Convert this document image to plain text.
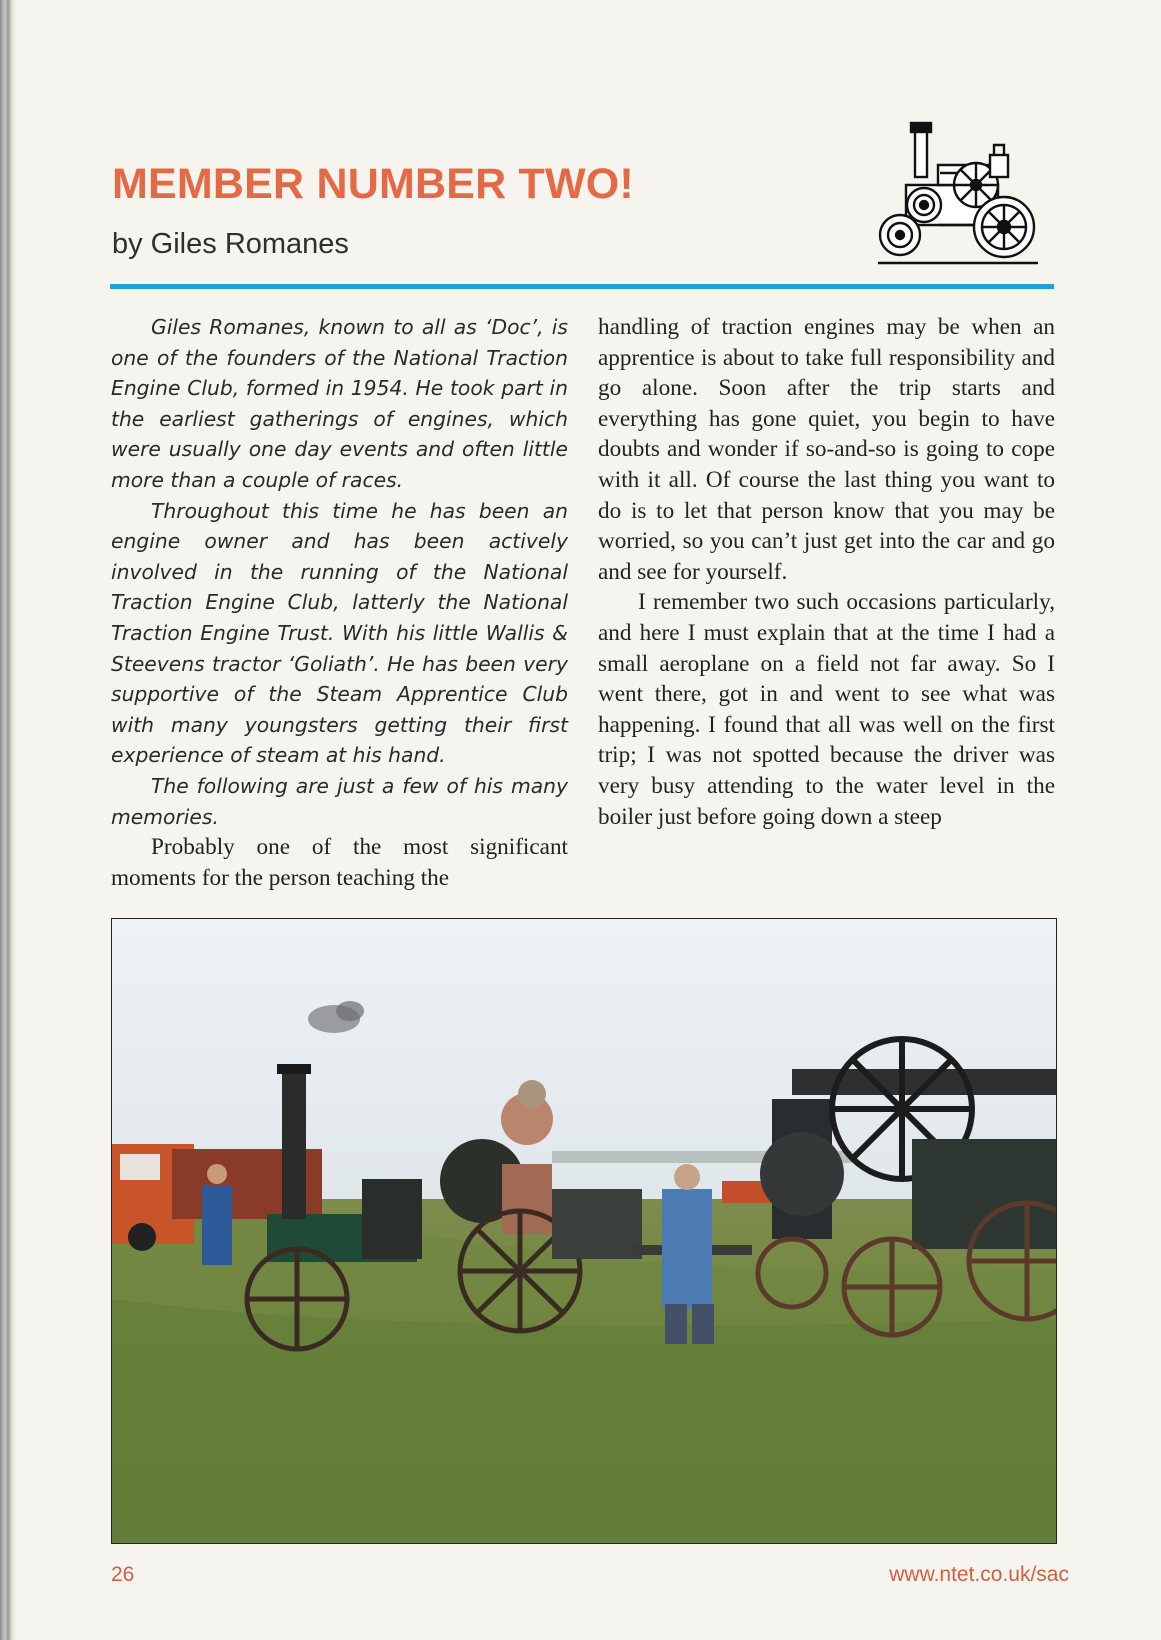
MEMBER NUMBER TWO!
by Giles Romanes

Giles Romanes, known to all as ‘Doc’, is one of the founders of the National Traction Engine Club, formed in 1954. He took part in the earliest gatherings of engines, which were usually one day events and often little more than a couple of races.

Throughout this time he has been an engine owner and has been actively involved in the running of the National Traction Engine Club, latterly the National Traction Engine Trust. With his little Wallis & Steevens tractor ‘Goliath’. He has been very supportive of the Steam Apprentice Club with many youngsters getting their first experience of steam at his hand.

The following are just a few of his many memories.

Probably one of the most significant moments for the person teaching the

handling of traction engines may be when an apprentice is about to take full responsibility and go alone. Soon after the trip starts and everything has gone quiet, you begin to have doubts and wonder if so-and-so is going to cope with it all. Of course the last thing you want to do is to let that person know that you may be worried, so you can’t just get into the car and go and see for yourself.

I remember two such occasions particularly, and here I must explain that at the time I had a small aeroplane on a field not far away. So I went there, got in and went to see what was happening. I found that all was well on the first trip; I was not spotted because the driver was very busy attending to the water level in the boiler just before going down a steep

26	www.ntet.co.uk/sac
